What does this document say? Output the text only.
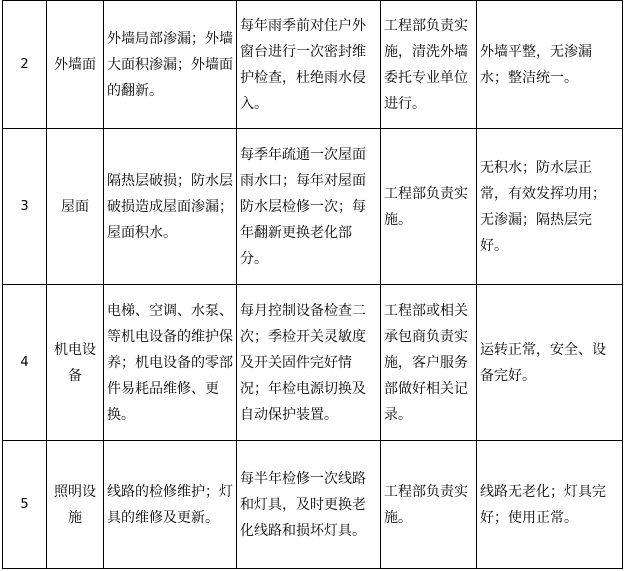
2	外墙面	外墙局部渗漏；外墙大面积渗漏；外墙面的翻新。	每年雨季前对住户外窗台进行一次密封维护检查，杜绝雨水侵入。	工程部负责实施，清洗外墙委托专业单位进行。	外墙平整，无渗漏水；整洁统一。
3	屋面	隔热层破损；防水层破损造成屋面渗漏；屋面积水。	每季年疏通一次屋面雨水口；每年对屋面防水层检修一次；每年翻新更换老化部分。	工程部负责实施。	无积水；防水层正常，有效发挥功用；无渗漏；隔热层完好。
4	机电设备	电梯、空调、水泵、等机电设备的维护保养；机电设备的零部件易耗品维修、更换。	每月控制设备检查二次；季检开关灵敏度及开关固件完好情况；年检电源切换及自动保护装置。	工程部或相关承包商负责实施，客户服务部做好相关记录。	运转正常，安全、设备完好。
5	照明设施	线路的检修维护；灯具的维修及更新。	每半年检修一次线路和灯具，及时更换老化线路和损坏灯具。	工程部负责实施。	线路无老化；灯具完好；使用正常。
